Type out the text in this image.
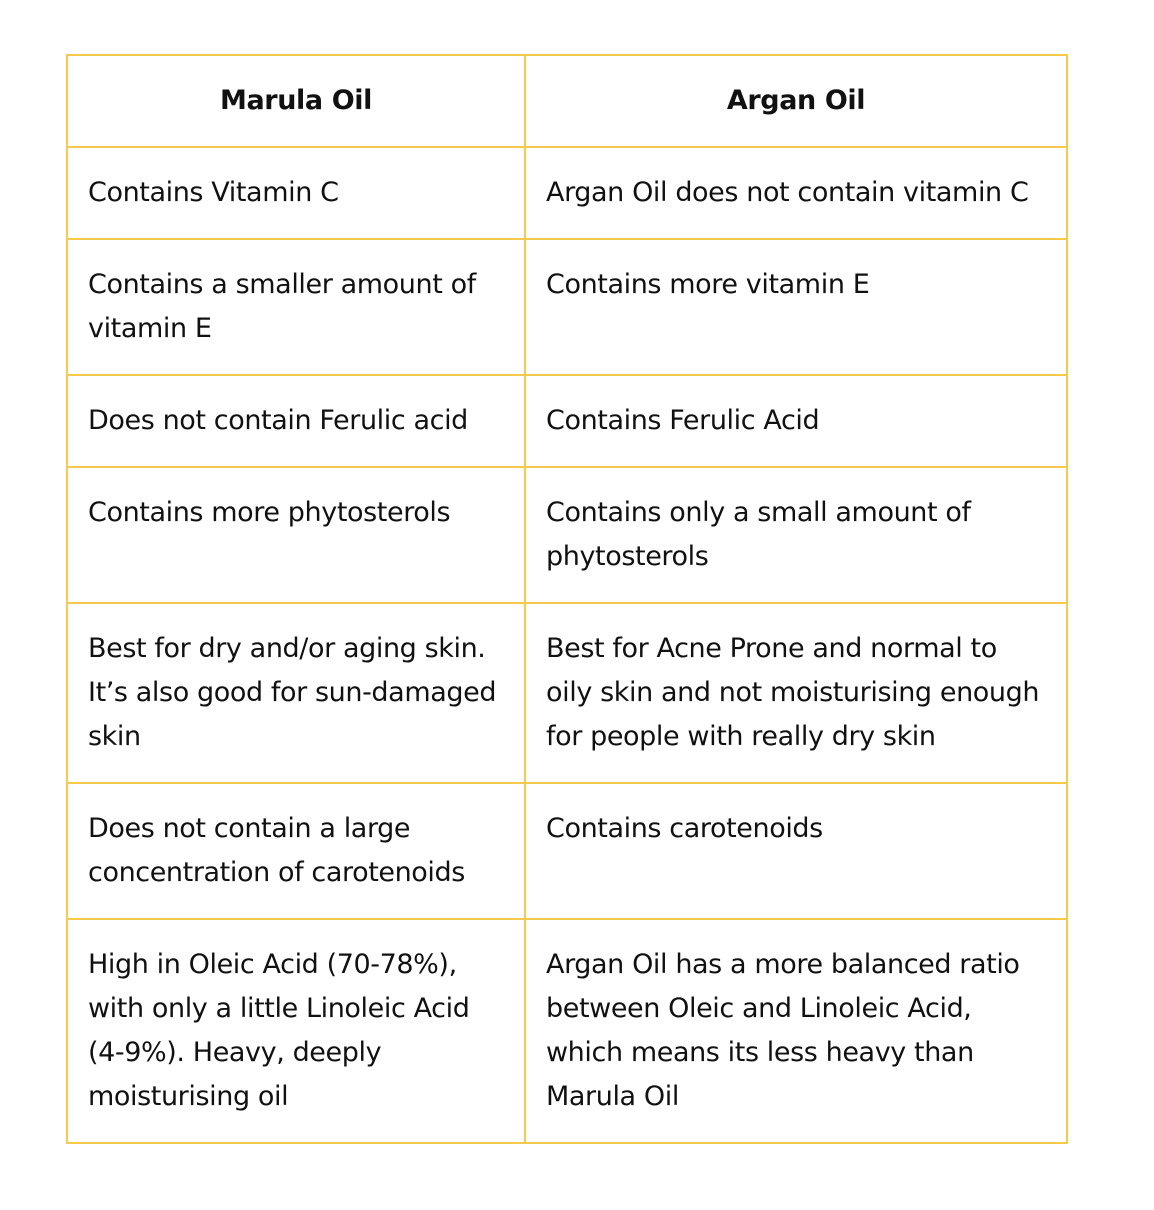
Marula Oil	Argan Oil
Contains Vitamin C	Argan Oil does not contain vitamin C
Contains a smaller amount of vitamin E	Contains more vitamin E
Does not contain Ferulic acid	Contains Ferulic Acid
Contains more phytosterols	Contains only a small amount of phytosterols
Best for dry and/or aging skin. It’s also good for sun-damaged skin	Best for Acne Prone and normal to oily skin and not moisturising enough for people with really dry skin
Does not contain a large concentration of carotenoids	Contains carotenoids
High in Oleic Acid (70-78%), with only a little Linoleic Acid (4-9%). Heavy, deeply moisturising oil	Argan Oil has a more balanced ratio between Oleic and Linoleic Acid, which means its less heavy than Marula Oil
